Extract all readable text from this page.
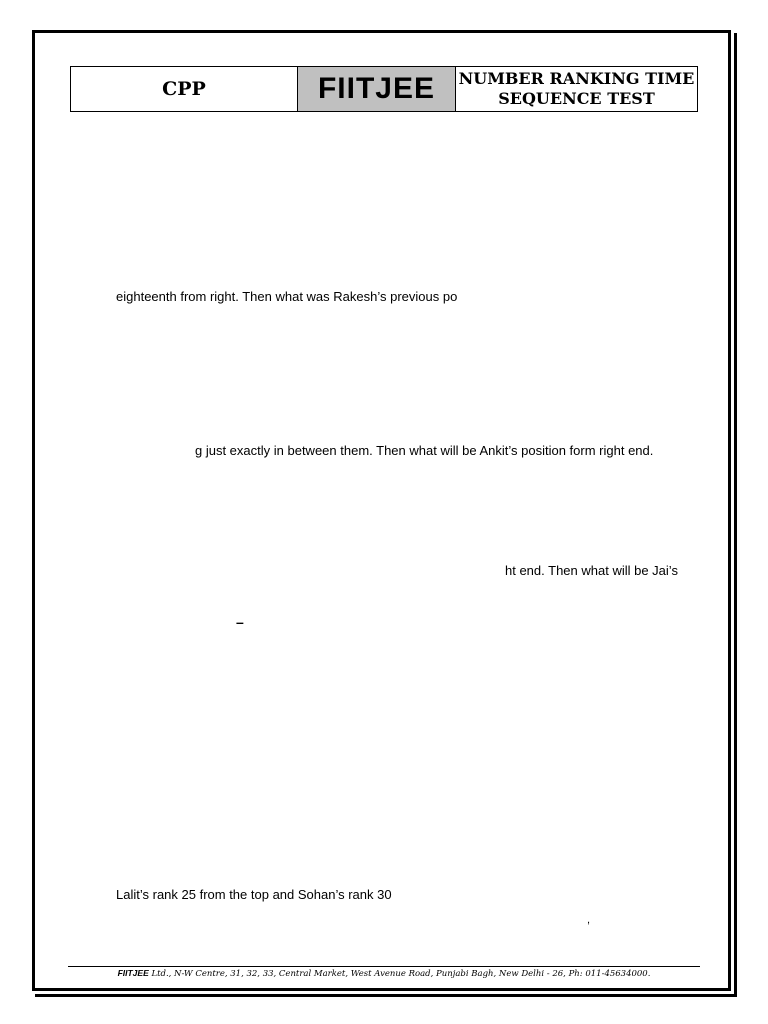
CPP	FIITJEE	NUMBER RANKING TIME
SEQUENCE TEST
eighteenth from right. Then what was Rakesh’s previous po
g just exactly in between them. Then what will be Ankit’s position form right end.
ht end. Then what will be Jai’s
–
Lalit’s rank 25 from the top and Sohan’s rank 30
,
FIITJEE Ltd., N-W Centre, 31, 32, 33, Central Market, West Avenue Road, Punjabi Bagh, New Delhi - 26, Ph: 011-45634000.
